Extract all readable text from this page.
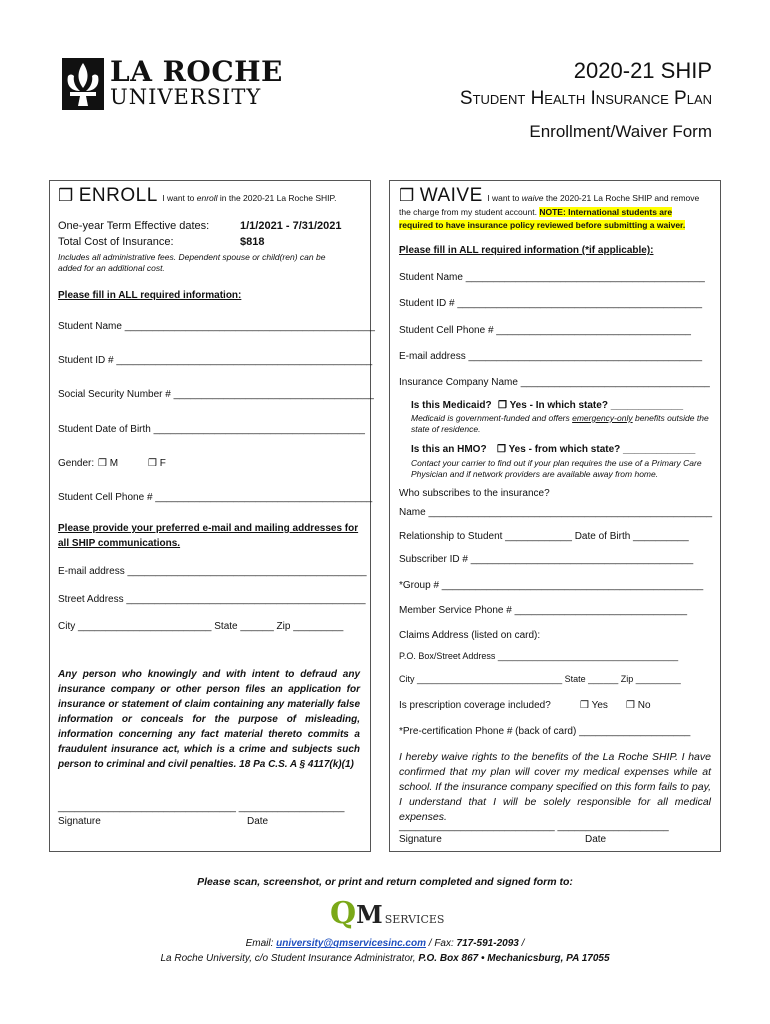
LA ROCHE
UNIVERSITY
2020-21 SHIP
Student Health Insurance Plan
Enrollment/Waiver Form
❒ ENROLL I want to enroll in the 2020-21 La Roche SHIP.
One-year Term Effective dates:	1/1/2021 - 7/31/2021
Total Cost of Insurance:	$818
Includes all administrative fees. Dependent spouse or child(ren) can be
added for an additional cost.
Please fill in ALL required information:
Student Name _____________________________________________
Student ID # ______________________________________________
Social Security Number # ____________________________________
Student Date of Birth ______________________________________
Gender: ❒ M	❒ F
Student Cell Phone # _______________________________________
Please provide your preferred e-mail and mailing addresses for
all SHIP communications.
E-mail address ___________________________________________
Street Address ___________________________________________
City ________________________ State ______ Zip _________
Any person who knowingly and with intent to defraud any insurance company or other person files an application for insurance or statement of claim containing any materially false information or conceals for the purpose of misleading, information concerning any fact material thereto commits a fraudulent insurance act, which is a crime and subjects such person to criminal and civil penalties. 18 Pa C.S. A § 4117(k)(1)
________________________________ ___________________
Signature	Date
❒ WAIVE I want to waive the 2020-21 La Roche SHIP and remove
the charge from my student account. NOTE: International students are
required to have insurance policy reviewed before submitting a waiver.
Please fill in ALL required information (*if applicable):
Student Name ___________________________________________
Student ID # ____________________________________________
Student Cell Phone # ___________________________________
E-mail address __________________________________________
Insurance Company Name __________________________________
Is this Medicaid? ❒ Yes - In which state? _____________
Medicaid is government-funded and offers emergency-only benefits outside the
state of residence.
Is this an HMO? ❒ Yes - from which state? _____________
Contact your carrier to find out if your plan requires the use of a Primary Care
Physician and if network providers are available away from home.
Who subscribes to the insurance?
Name ___________________________________________________
Relationship to Student ____________ Date of Birth __________
Subscriber ID # ________________________________________
*Group # _______________________________________________
Member Service Phone # _______________________________
Claims Address (listed on card):
P.O. Box/Street Address ____________________________________
City _____________________________ State ______ Zip _________
Is prescription coverage included?	❒ Yes ❒ No
*Pre-certification Phone # (back of card) ____________________
I hereby waive rights to the benefits of the La Roche SHIP. I have confirmed that my plan will cover my medical expenses while at school. If the insurance company specified on this form fails to pay, I understand that I will be solely responsible for all medical expenses.
____________________________ ____________________
Signature	Date
Please scan, screenshot, or print and return completed and signed form to:
QM SERVICES
Email: university@qmservicesinc.com / Fax: 717-591-2093 /
La Roche University, c/o Student Insurance Administrator, P.O. Box 867 • Mechanicsburg, PA 17055
